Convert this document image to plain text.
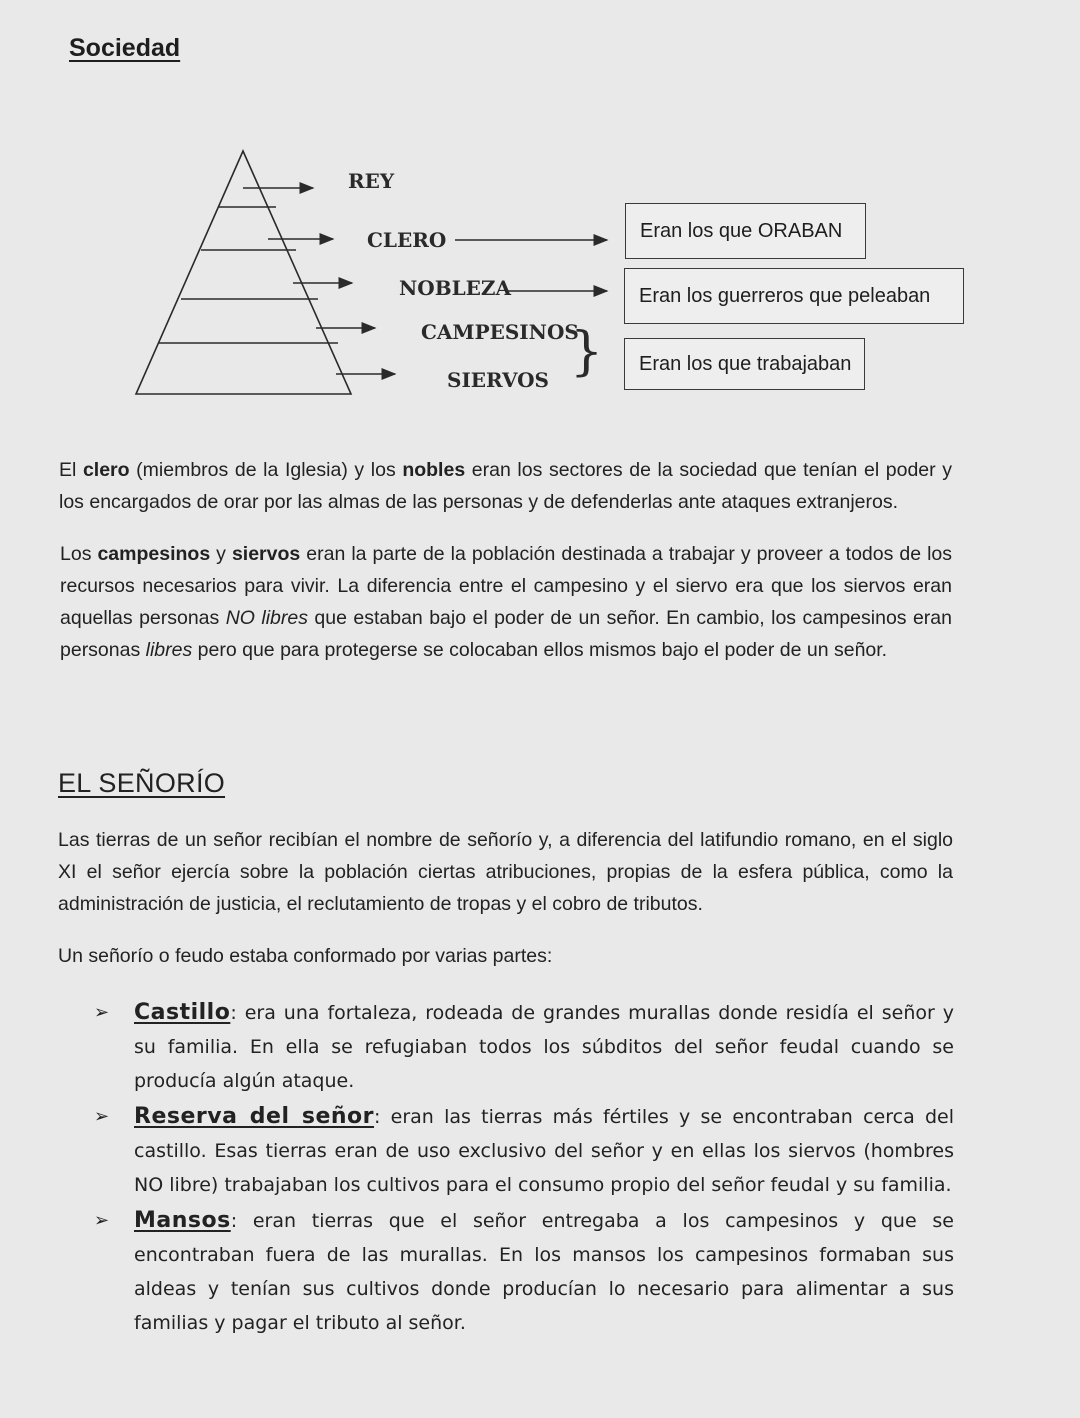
Sociedad
REY
CLERO
NOBLEZA
CAMPESINOS
SIERVOS }
Eran los que ORABAN
Eran los guerreros que peleaban
Eran los que trabajaban
El clero (miembros de la Iglesia) y los nobles eran los sectores de la sociedad que tenían el poder y los encargados de orar por las almas de las personas y de defenderlas ante ataques extranjeros.
Los campesinos y siervos eran la parte de la población destinada a trabajar y proveer a todos de los recursos necesarios para vivir. La diferencia entre el campesino y el siervo era que los siervos eran aquellas personas NO libres que estaban bajo el poder de un señor. En cambio, los campesinos eran personas libres pero que para protegerse se colocaban ellos mismos bajo el poder de un señor.
EL SEÑORÍO
Las tierras de un señor recibían el nombre de señorío y, a diferencia del latifundio romano, en el siglo XI el señor ejercía sobre la población ciertas atribuciones, propias de la esfera pública, como la administración de justicia, el reclutamiento de tropas y el cobro de tributos.
Un señorío o feudo estaba conformado por varias partes:
➢ Castillo: era una fortaleza, rodeada de grandes murallas donde residía el señor y su familia. En ella se refugiaban todos los súbditos del señor feudal cuando se producía algún ataque.
➢ Reserva del señor: eran las tierras más fértiles y se encontraban cerca del castillo. Esas tierras eran de uso exclusivo del señor y en ellas los siervos (hombres NO libre) trabajaban los cultivos para el consumo propio del señor feudal y su familia.
➢ Mansos: eran tierras que el señor entregaba a los campesinos y que se encontraban fuera de las murallas. En los mansos los campesinos formaban sus aldeas y tenían sus cultivos donde producían lo necesario para alimentar a sus familias y pagar el tributo al señor.
